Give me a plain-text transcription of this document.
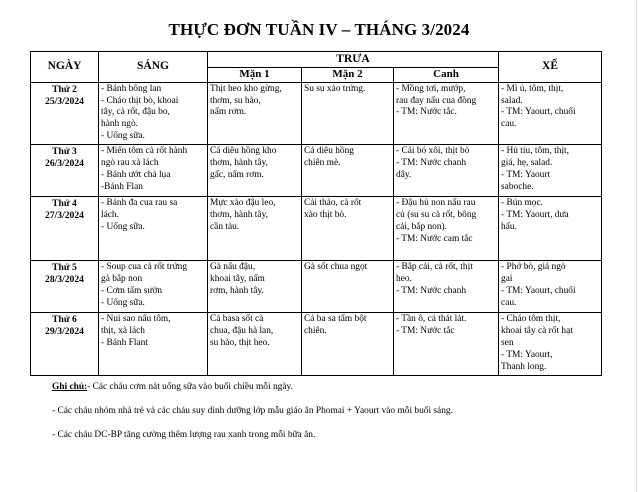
THỰC ĐƠN TUẦN IV – THÁNG 3/2024
NGÀY	SÁNG	TRƯA			XẾ
		Mặn 1	Mặn 2	Canh	

Thứ 2
25/3/2024	- Bánh bông lan
- Cháo thịt bò, khoai
tây, cà rốt, đậu bo,
hành ngò.
- Uống sữa.	Thịt heo kho gừng,
thơm, su hào,
nấm rơm.	Su su xào trứng.	- Mồng tơi, mướp,
rau đay nấu cua đồng
- TM: Nước tắc.	- Mì ủ, tôm, thịt,
salad.
- TM: Yaourt, chuối
cau.

Thứ 3
26/3/2024	- Miến tôm cà rốt hành
ngò rau xà lách
- Bánh ướt chả lụa
-Bánh Flan	Cá diêu hồng kho
thơm, hành tây,
gấc, nấm rơm.	Cá diêu hồng
chiên mè.	- Cải bó xôi, thịt bò
- TM: Nước chanh
dây.	- Hủ tíu, tôm, thịt,
giá, hẹ, salad.
- TM: Yaourt
saboche.

Thứ 4
27/3/2024	- Bánh đa cua rau sa
lách.
- Uống sữa.	Mực xào đậu leo,
thơm, hành tây,
cần tàu.	Cải thảo, cà rốt
xào thịt bò.	- Đậu hủ non nấu rau
củ (su su cà rốt, bông
cải, bắp non).
- TM: Nước cam tắc	- Bún mọc.
- TM: Yaourt, dưa
hấu.

Thứ 5
28/3/2024	- Soup cua cà rốt trứng
gà bắp non
- Cơm tấm sườn
- Uống sữa.	Gà nấu đậu,
khoai tây, nấm
rơm, hành tây.	Gà sốt chua ngọt	- Bắp cải, cà rốt, thịt
heo.
- TM: Nước chanh	- Phở bò, giá ngò
gai
- TM: Yaourt, chuối
cau.

Thứ 6
29/3/2024	- Nui sao nấu tôm,
thịt, xà lách
- Bánh Flant	Cá basa sốt cà
chua, đậu hà lan,
su hào, thịt heo.	Cá ba sa tẩm bột
chiên.	- Tần ô, cá thát lát.
- TM: Nước tắc	- Cháo tôm thịt,
khoai tây cà rốt hạt
sen
- TM: Yaourt,
Thanh long.
Ghi chú:- Các cháu cơm nát uống sữa vào buổi chiều mỗi ngày.
- Các cháu nhóm nhà trẻ và các cháu suy dinh dưỡng lớp mẫu giáo ăn Phomai + Yaourt vào mỗi buổi sáng.
- Các cháu DC-BP tăng cường thêm lượng rau xanh trong mỗi bữa ăn.
